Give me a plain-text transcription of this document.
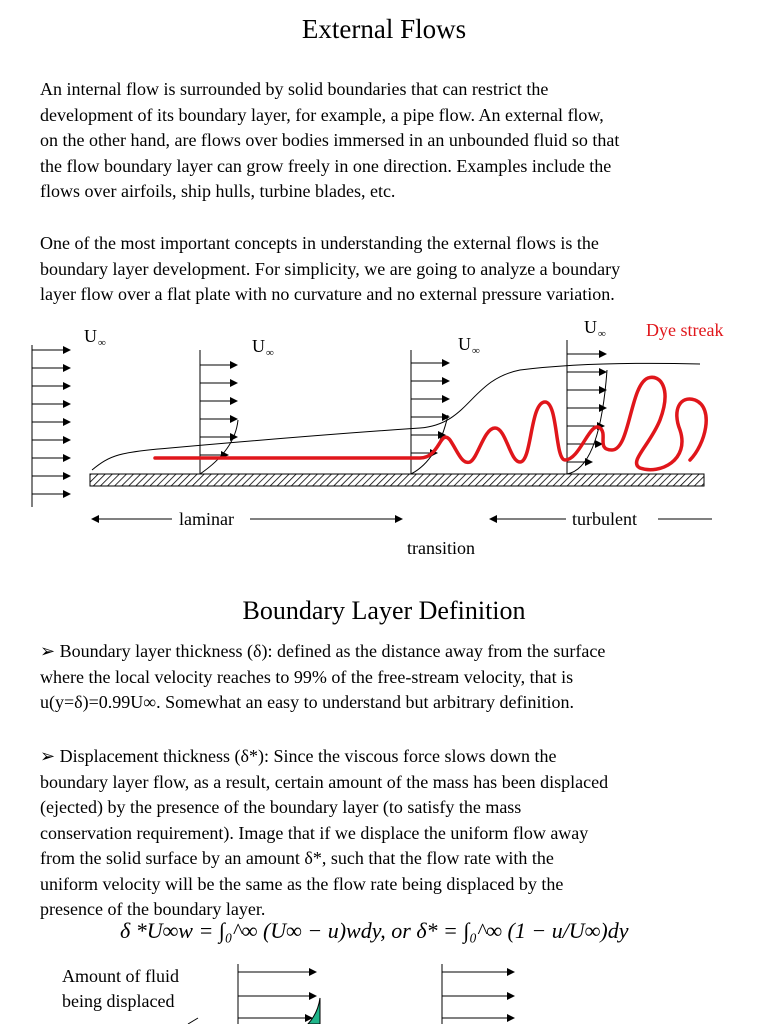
External Flows
An internal flow is surrounded by solid boundaries that can restrict the
development of its boundary layer, for example, a pipe flow. An external flow,
on the other hand, are flows over bodies immersed in an unbounded fluid so that
the flow boundary layer can grow freely in one direction. Examples include the
flows over airfoils, ship hulls, turbine blades, etc.
One of the most important concepts in understanding the external flows is the
boundary layer development. For simplicity, we are going to analyze a boundary
layer flow over a flat plate with no curvature and no external pressure variation.
$U_\infty$	$U_\infty$	$U_\infty$
$U_\infty$ Dye streak
laminar	turbulent
transition
Boundary Layer Definition
➢ Boundary layer thickness (δ): defined as the distance away from the surface
where the local velocity reaches to 99% of the free-stream velocity, that is
u(y=δ)=0.99U∞. Somewhat an easy to understand but arbitrary definition.
➢ Displacement thickness (δ*): Since the viscous force slows down the
boundary layer flow, as a result, certain amount of the mass has been displaced
(ejected) by the presence of the boundary layer (to satisfy the mass
conservation requirement). Image that if we displace the uniform flow away
from the solid surface by an amount δ*, such that the flow rate with the
uniform velocity will be the same as the flow rate being displaced by the
presence of the boundary layer.
δ *U∞w = ∫₀^∞ (U∞ − u)wdy, or δ* = ∫₀^∞ (1 − u/U∞)dy
Amount of fluid
being displaced
